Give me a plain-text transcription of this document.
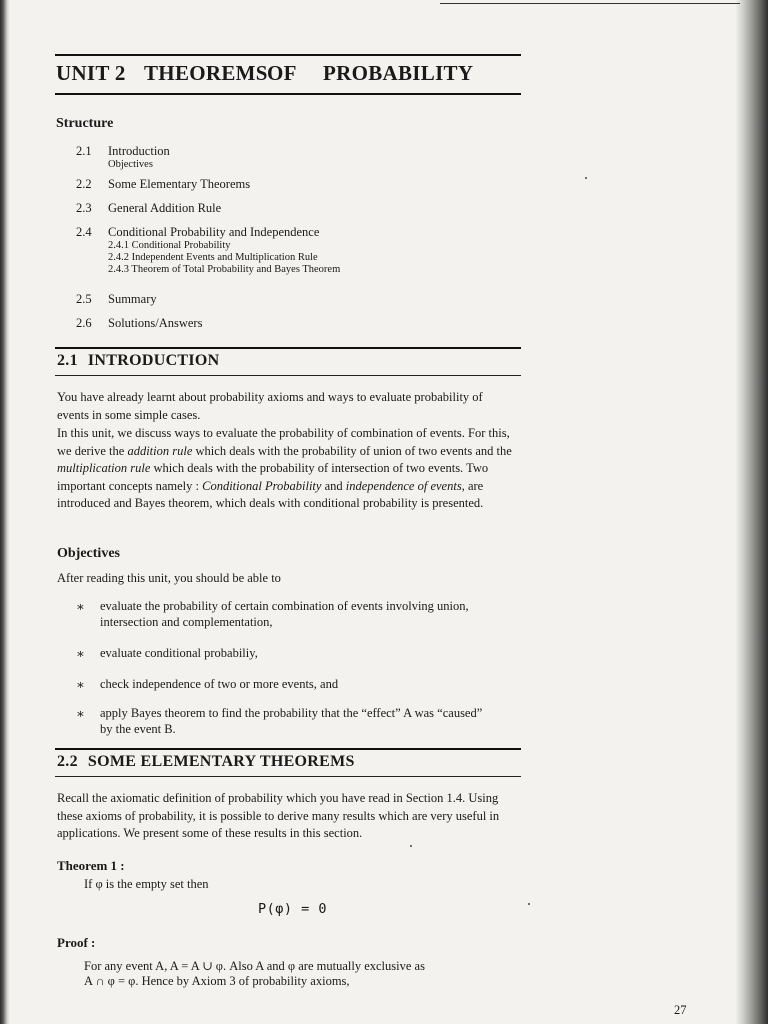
UNIT 2 THEOREMSOF PROBABILITY
Structure
2.1 Introduction
Objectives
2.2 Some Elementary Theorems
2.3 General Addition Rule
2.4 Conditional Probability and Independence
2.4.1 Conditional Probability
2.4.2 Independent Events and Multiplication Rule
2.4.3 Theorem of Total Probability and Bayes Theorem
2.5 Summary
2.6 Solutions/Answers
2.1 INTRODUCTION

You have already learnt about probability axioms and ways to evaluate probability of events in some simple cases.

In this unit, we discuss ways to evaluate the probability of combination of events. For this, we derive the addition rule which deals with the probability of union of two events and the multiplication rule which deals with the probability of intersection of two events. Two important concepts namely : Conditional Probability and independence of events, are introduced and Bayes theorem, which deals with conditional probability is presented.

Objectives

After reading this unit, you should be able to

∗ evaluate the probability of certain combination of events involving union, intersection and complementation,
∗ evaluate conditional probabiliy,
∗ check independence of two or more events, and
∗ apply Bayes theorem to find the probability that the “effect” A was “caused” by the event B.
2.2 SOME ELEMENTARY THEOREMS

Recall the axiomatic definition of probability which you have read in Section 1.4. Using these axioms of probability, it is possible to derive many results which are very useful in applications. We present some of these results in this section.

Theorem 1 :
If φ is the empty set then
P(φ) = 0
Proof :
For any event A, A = A ∪ φ. Also A and φ are mutually exclusive as
A ∩ φ = φ. Hence by Axiom 3 of probability axioms,
27
